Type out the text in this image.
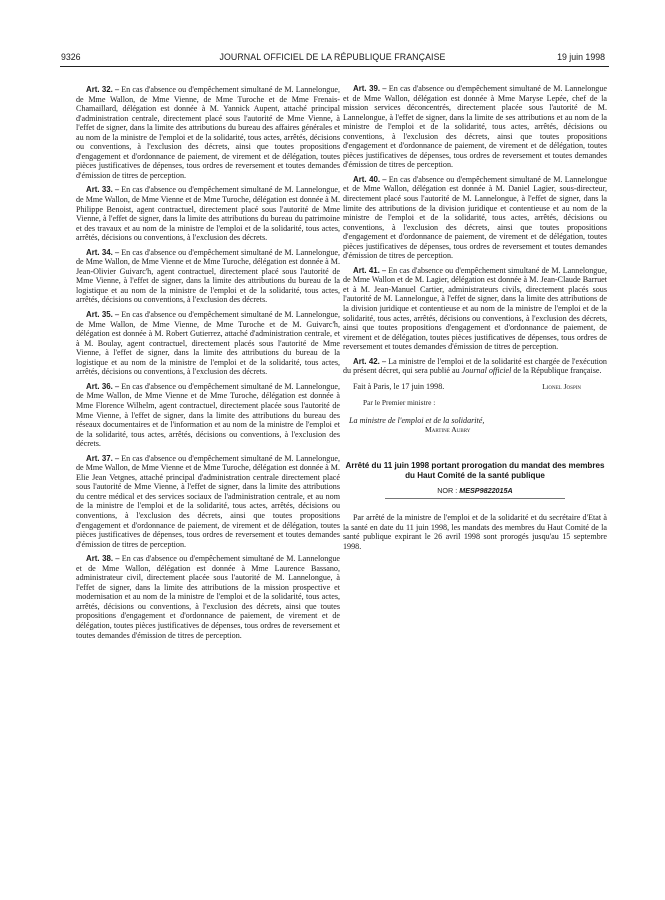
9326	JOURNAL OFFICIEL DE LA RÉPUBLIQUE FRANÇAISE	19 juin 1998

Art. 32. – En cas d'absence ou d'empêchement simultané de M. Lannelongue, de Mme Wallon, de Mme Vienne, de Mme Turoche et de Mme Frenais-Chamaillard, délégation est donnée à M. Yannick Aupent, attaché principal d'administration centrale, directement placé sous l'autorité de Mme Vienne, à l'effet de signer, dans la limite des attributions du bureau des affaires générales et au nom de la ministre de l'emploi et de la solidarité, tous actes, arrêtés, décisions ou conventions, à l'exclusion des décrets, ainsi que toutes propositions d'engagement et d'ordonnance de paiement, de virement et de délégation, toutes pièces justificatives de dépenses, tous ordres de reversement et toutes demandes d'émission de titres de perception.

Art. 33. – En cas d'absence ou d'empêchement simultané de M. Lannelongue, de Mme Wallon, de Mme Vienne et de Mme Turoche, délégation est donnée à M. Philippe Benoist, agent contractuel, directement placé sous l'autorité de Mme Vienne, à l'effet de signer, dans la limite des attributions du bureau du patrimoine et des travaux et au nom de la ministre de l'emploi et de la solidarité, tous actes, arrêtés, décisions ou conventions, à l'exclusion des décrets.

Art. 34. – En cas d'absence ou d'empêchement simultané de M. Lannelongue, de Mme Wallon, de Mme Vienne et de Mme Turoche, délégation est donnée à M. Jean-Olivier Guivarc'h, agent contractuel, directement placé sous l'autorité de Mme Vienne, à l'effet de signer, dans la limite des attributions du bureau de la logistique et au nom de la ministre de l'emploi et de la solidarité, tous actes, arrêtés, décisions ou conventions, à l'exclusion des décrets.

Art. 35. – En cas d'absence ou d'empêchement simultané de M. Lannelongue, de Mme Wallon, de Mme Vienne, de Mme Turoche et de M. Guivarc'h, délégation est donnée à M. Robert Gutierrez, attaché d'administration centrale, et à M. Boulay, agent contractuel, directement placés sous l'autorité de Mme Vienne, à l'effet de signer, dans la limite des attributions du bureau de la logistique et au nom de la ministre de l'emploi et de la solidarité, tous actes, arrêtés, décisions ou conventions, à l'exclusion des décrets.

Art. 36. – En cas d'absence ou d'empêchement simultané de M. Lannelongue, de Mme Wallon, de Mme Vienne et de Mme Turoche, délégation est donnée à Mme Florence Wilhelm, agent contractuel, directement placée sous l'autorité de Mme Vienne, à l'effet de signer, dans la limite des attributions du bureau des réseaux documentaires et de l'information et au nom de la ministre de l'emploi et de la solidarité, tous actes, arrêtés, décisions ou conventions, à l'exclusion des décrets.

Art. 37. – En cas d'absence ou d'empêchement simultané de M. Lannelongue, de Mme Wallon, de Mme Vienne et de Mme Turoche, délégation est donnée à M. Elie Jean Vetgnes, attaché principal d'administration centrale directement placé sous l'autorité de Mme Vienne, à l'effet de signer, dans la limite des attributions du centre médical et des services sociaux de l'administration centrale, et au nom de la ministre de l'emploi et de la solidarité, tous actes, arrêtés, décisions ou conventions, à l'exclusion des décrets, ainsi que toutes propositions d'engagement et d'ordonnance de paiement, de virement et de délégation, toutes pièces justificatives de dépenses, tous ordres de reversement et toutes demandes d'émission de titres de perception.

Art. 38. – En cas d'absence ou d'empêchement simultané de M. Lannelongue et de Mme Wallon, délégation est donnée à Mme Laurence Bassano, administrateur civil, directement placée sous l'autorité de M. Lannelongue, à l'effet de signer, dans la limite des attributions de la mission prospective et modernisation et au nom de la ministre de l'emploi et de la solidarité, tous actes, arrêtés, décisions ou conventions, à l'exclusion des décrets, ainsi que toutes propositions d'engagement et d'ordonnance de paiement, de virement et de délégation, toutes pièces justificatives de dépenses, tous ordres de reversement et toutes demandes d'émission de titres de perception.

Art. 39. – En cas d'absence ou d'empêchement simultané de M. Lannelongue et de Mme Wallon, délégation est donnée à Mme Maryse Lepée, chef de la mission services déconcentrés, directement placée sous l'autorité de M. Lannelongue, à l'effet de signer, dans la limite de ses attributions et au nom de la ministre de l'emploi et de la solidarité, tous actes, arrêtés, décisions ou conventions, à l'exclusion des décrets, ainsi que toutes propositions d'engagement et d'ordonnance de paiement, de virement et de délégation, toutes pièces justificatives de dépenses, tous ordres de reversement et toutes demandes d'émission de titres de perception.

Art. 40. – En cas d'absence ou d'empêchement simultané de M. Lannelongue et de Mme Wallon, délégation est donnée à M. Daniel Lagier, sous-directeur, directement placé sous l'autorité de M. Lannelongue, à l'effet de signer, dans la limite des attributions de la division juridique et contentieuse et au nom de la ministre de l'emploi et de la solidarité, tous actes, arrêtés, décisions ou conventions, à l'exclusion des décrets, ainsi que toutes propositions d'engagement et d'ordonnance de paiement, de virement et de délégation, toutes pièces justificatives de dépenses, tous ordres de reversement et toutes demandes d'émission de titres de perception.

Art. 41. – En cas d'absence ou d'empêchement simultané de M. Lannelongue, de Mme Wallon et de M. Lagier, délégation est donnée à M. Jean-Claude Barruet et à M. Jean-Manuel Cartier, administrateurs civils, directement placés sous l'autorité de M. Lannelongue, à l'effet de signer, dans la limite des attributions de la division juridique et contentieuse et au nom de la ministre de l'emploi et de la solidarité, tous actes, arrêtés, décisions ou conventions, à l'exclusion des décrets, ainsi que toutes propositions d'engagement et d'ordonnance de paiement, de virement et de délégation, toutes pièces justificatives de dépenses, tous ordres de reversement et toutes demandes d'émission de titres de perception.

Art. 42. – La ministre de l'emploi et de la solidarité est chargée de l'exécution du présent décret, qui sera publié au Journal officiel de la République française.

Fait à Paris, le 17 juin 1998.	Lionel Jospin
Par le Premier ministre :
La ministre de l'emploi et de la solidarité,
Martine Aubry
Arrêté du 11 juin 1998 portant prorogation du mandat des membres du Haut Comité de la santé publique
NOR : MESP9822015A

Par arrêté de la ministre de l'emploi et de la solidarité et du secrétaire d'Etat à la santé en date du 11 juin 1998, les mandats des membres du Haut Comité de la santé publique expirant le 26 avril 1998 sont prorogés jusqu'au 15 septembre 1998.
